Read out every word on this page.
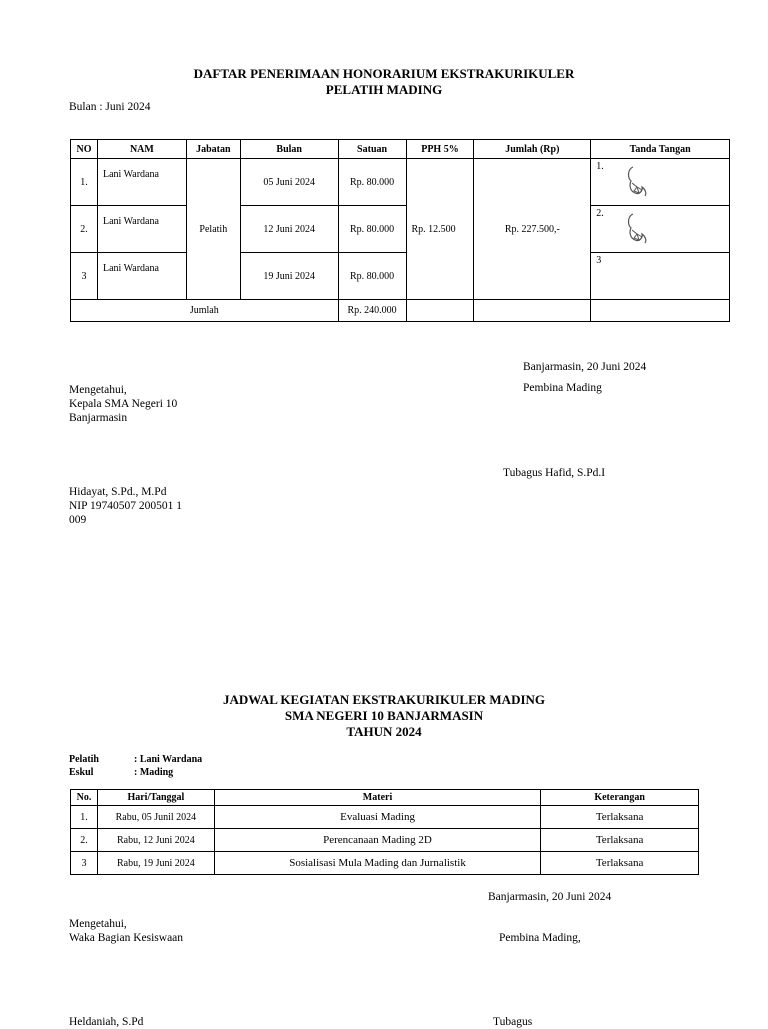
DAFTAR PENERIMAAN HONORARIUM EKSTRAKURIKULER
PELATIH MADING
Bulan : Juni 2024
NO	NAM	Jabatan	Bulan	Satuan	PPH 5%	Jumlah (Rp)	Tanda Tangan
1.	Lani Wardana	Pelatih	05 Juni 2024	Rp. 80.000	Rp. 12.500	Rp. 227.500,-	1.

2.	Lani Wardana		12 Juni 2024	Rp. 80.000			2.

3	Lani Wardana		19 Juni 2024	Rp. 80.000			3

Jumlah				Rp. 240.000			
Banjarmasin, 20 Juni 2024
Pembina Mading
Mengetahui,
Kepala SMA Negeri 10
Banjarmasin
Tubagus Hafid, S.Pd.I
Hidayat, S.Pd., M.Pd
NIP 19740507 200501 1
009
JADWAL KEGIATAN EKSTRAKURIKULER MADING
SMA NEGERI 10 BANJARMASIN
TAHUN 2024
Pelatih	: Lani Wardana
Eskul	: Mading
No.	Hari/Tanggal	Materi	Keterangan
1.	Rabu, 05 Junil 2024	Evaluasi Mading	Terlaksana
2.	Rabu, 12 Juni 2024	Perencanaan Mading 2D	Terlaksana
3	Rabu, 19 Juni 2024	Sosialisasi Mula Mading dan Jurnalistik	Terlaksana
Banjarmasin, 20 Juni 2024
Mengetahui,
Waka Bagian Kesiswaan	Pembina Mading,
Heldaniah, S.Pd	Tubagus
